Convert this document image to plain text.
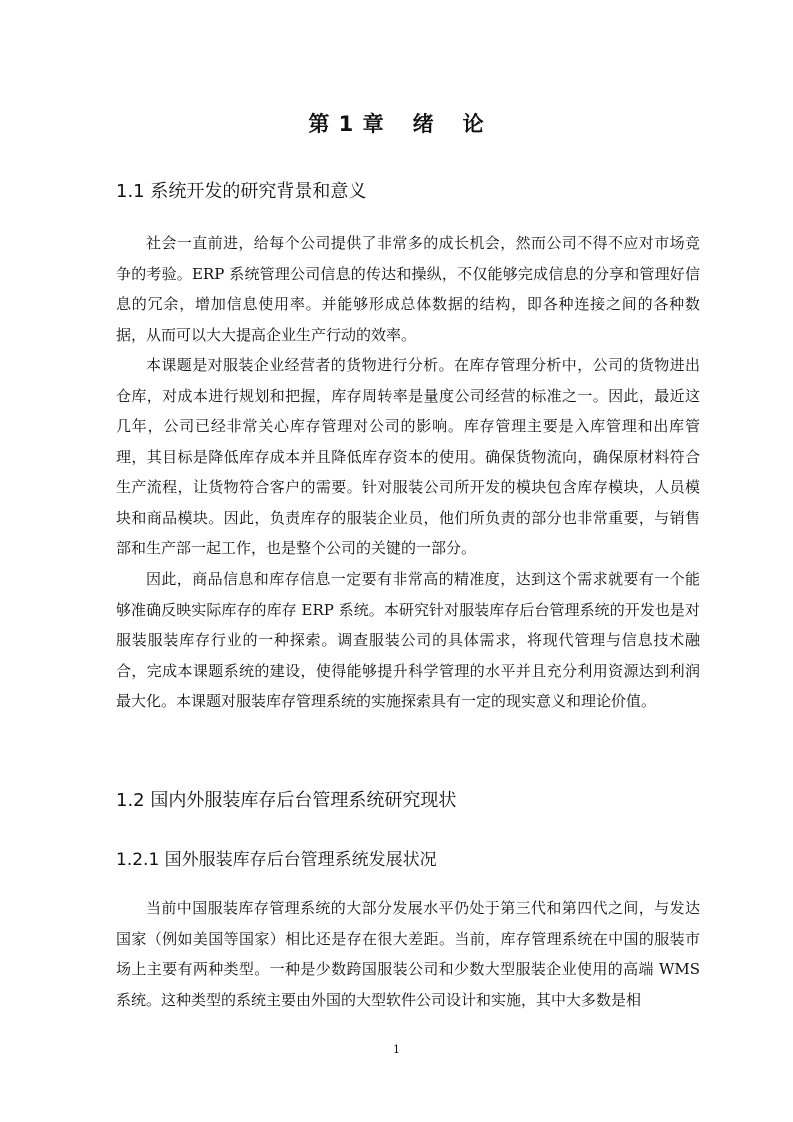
第 1 章 绪 论
1.1 系统开发的研究背景和意义

社会一直前进，给每个公司提供了非常多的成长机会，然而公司不得不应对市场竞争的考验。ERP 系统管理公司信息的传达和操纵，不仅能够完成信息的分享和管理好信息的冗余，增加信息使用率。并能够形成总体数据的结构，即各种连接之间的各种数据，从而可以大大提高企业生产行动的效率。

本课题是对服装企业经营者的货物进行分析。在库存管理分析中，公司的货物进出仓库，对成本进行规划和把握，库存周转率是量度公司经营的标准之一。因此，最近这几年，公司已经非常关心库存管理对公司的影响。库存管理主要是入库管理和出库管理，其目标是降低库存成本并且降低库存资本的使用。确保货物流向，确保原材料符合生产流程，让货物符合客户的需要。针对服装公司所开发的模块包含库存模块，人员模块和商品模块。因此，负责库存的服装企业员，他们所负责的部分也非常重要，与销售部和生产部一起工作，也是整个公司的关键的一部分。

因此，商品信息和库存信息一定要有非常高的精准度，达到这个需求就要有一个能够准确反映实际库存的库存 ERP 系统。本研究针对服装库存后台管理系统的开发也是对服装服装库存行业的一种探索。调查服装公司的具体需求，将现代管理与信息技术融合，完成本课题系统的建设，使得能够提升科学管理的水平并且充分利用资源达到利润最大化。本课题对服装库存管理系统的实施探索具有一定的现实意义和理论价值。

1.2 国内外服装库存后台管理系统研究现状
1.2.1 国外服装库存后台管理系统发展状况

当前中国服装库存管理系统的大部分发展水平仍处于第三代和第四代之间，与发达国家（例如美国等国家）相比还是存在很大差距。当前，库存管理系统在中国的服装市场上主要有两种类型。一种是少数跨国服装公司和少数大型服装企业使用的高端 WMS 系统。这种类型的系统主要由外国的大型软件公司设计和实施，其中大多数是相

1
